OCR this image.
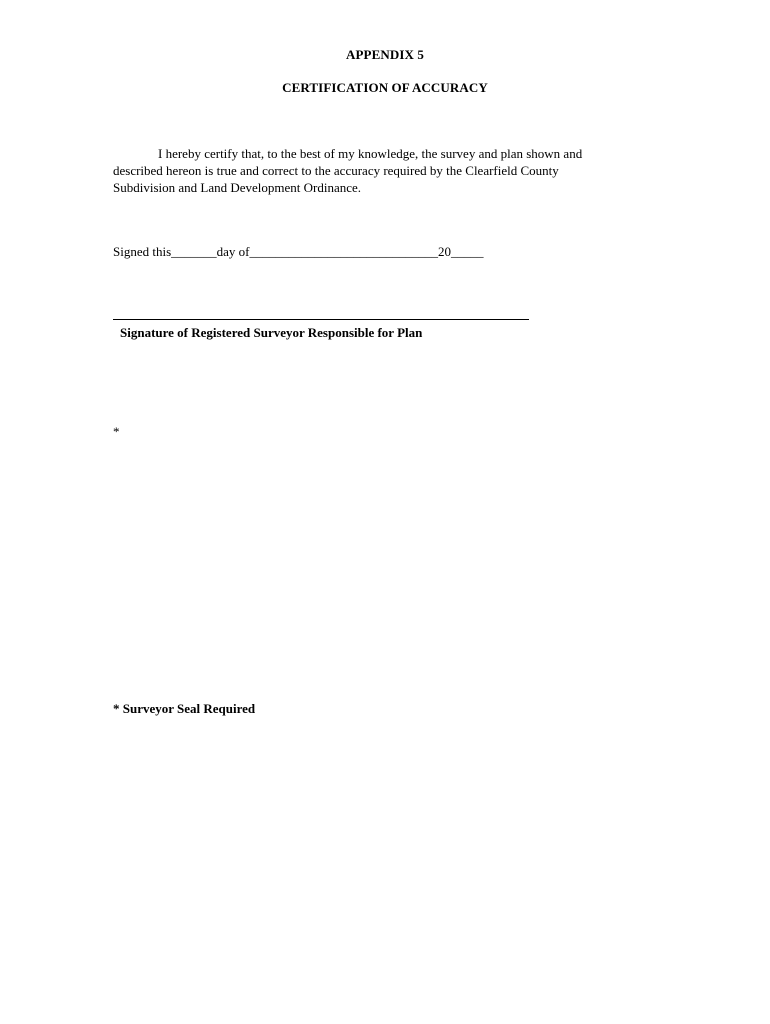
APPENDIX 5
CERTIFICATION OF ACCURACY
I hereby certify that, to the best of my knowledge, the survey and plan shown and
described hereon is true and correct to the accuracy required by the Clearfield County
Subdivision and Land Development Ordinance.
Signed this_______day of_____________________________20_____
Signature of Registered Surveyor Responsible for Plan
*
* Surveyor Seal Required
